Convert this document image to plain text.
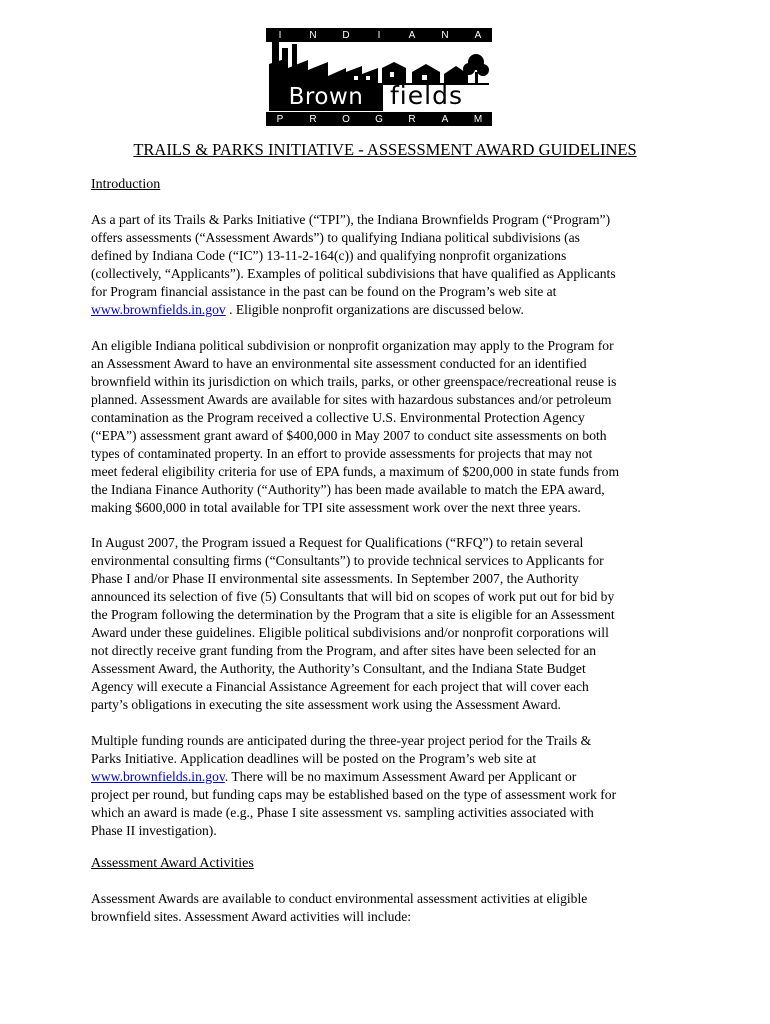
I	N	D	I	A	N	A
Brown	fields
P	R	O	G	R	A	M
TRAILS & PARKS INITIATIVE - ASSESSMENT AWARD GUIDELINES
Introduction

As a part of its Trails & Parks Initiative (“TPI”), the Indiana Brownfields Program (“Program”)
offers assessments (“Assessment Awards”) to qualifying Indiana political subdivisions (as
defined by Indiana Code (“IC”) 13-11-2-164(c)) and qualifying nonprofit organizations
(collectively, “Applicants”). Examples of political subdivisions that have qualified as Applicants
for Program financial assistance in the past can be found on the Program’s web site at
www.brownfields.in.gov . Eligible nonprofit organizations are discussed below.

An eligible Indiana political subdivision or nonprofit organization may apply to the Program for
an Assessment Award to have an environmental site assessment conducted for an identified
brownfield within its jurisdiction on which trails, parks, or other greenspace/recreational reuse is
planned. Assessment Awards are available for sites with hazardous substances and/or petroleum
contamination as the Program received a collective U.S. Environmental Protection Agency
(“EPA”) assessment grant award of $400,000 in May 2007 to conduct site assessments on both
types of contaminated property. In an effort to provide assessments for projects that may not
meet federal eligibility criteria for use of EPA funds, a maximum of $200,000 in state funds from
the Indiana Finance Authority (“Authority”) has been made available to match the EPA award,
making $600,000 in total available for TPI site assessment work over the next three years.

In August 2007, the Program issued a Request for Qualifications (“RFQ”) to retain several
environmental consulting firms (“Consultants”) to provide technical services to Applicants for
Phase I and/or Phase II environmental site assessments. In September 2007, the Authority
announced its selection of five (5) Consultants that will bid on scopes of work put out for bid by
the Program following the determination by the Program that a site is eligible for an Assessment
Award under these guidelines. Eligible political subdivisions and/or nonprofit corporations will
not directly receive grant funding from the Program, and after sites have been selected for an
Assessment Award, the Authority, the Authority’s Consultant, and the Indiana State Budget
Agency will execute a Financial Assistance Agreement for each project that will cover each
party’s obligations in executing the site assessment work using the Assessment Award.

Multiple funding rounds are anticipated during the three-year project period for the Trails &
Parks Initiative. Application deadlines will be posted on the Program’s web site at
www.brownfields.in.gov. There will be no maximum Assessment Award per Applicant or
project per round, but funding caps may be established based on the type of assessment work for
which an award is made (e.g., Phase I site assessment vs. sampling activities associated with
Phase II investigation).

Assessment Award Activities

Assessment Awards are available to conduct environmental assessment activities at eligible
brownfield sites. Assessment Award activities will include:
